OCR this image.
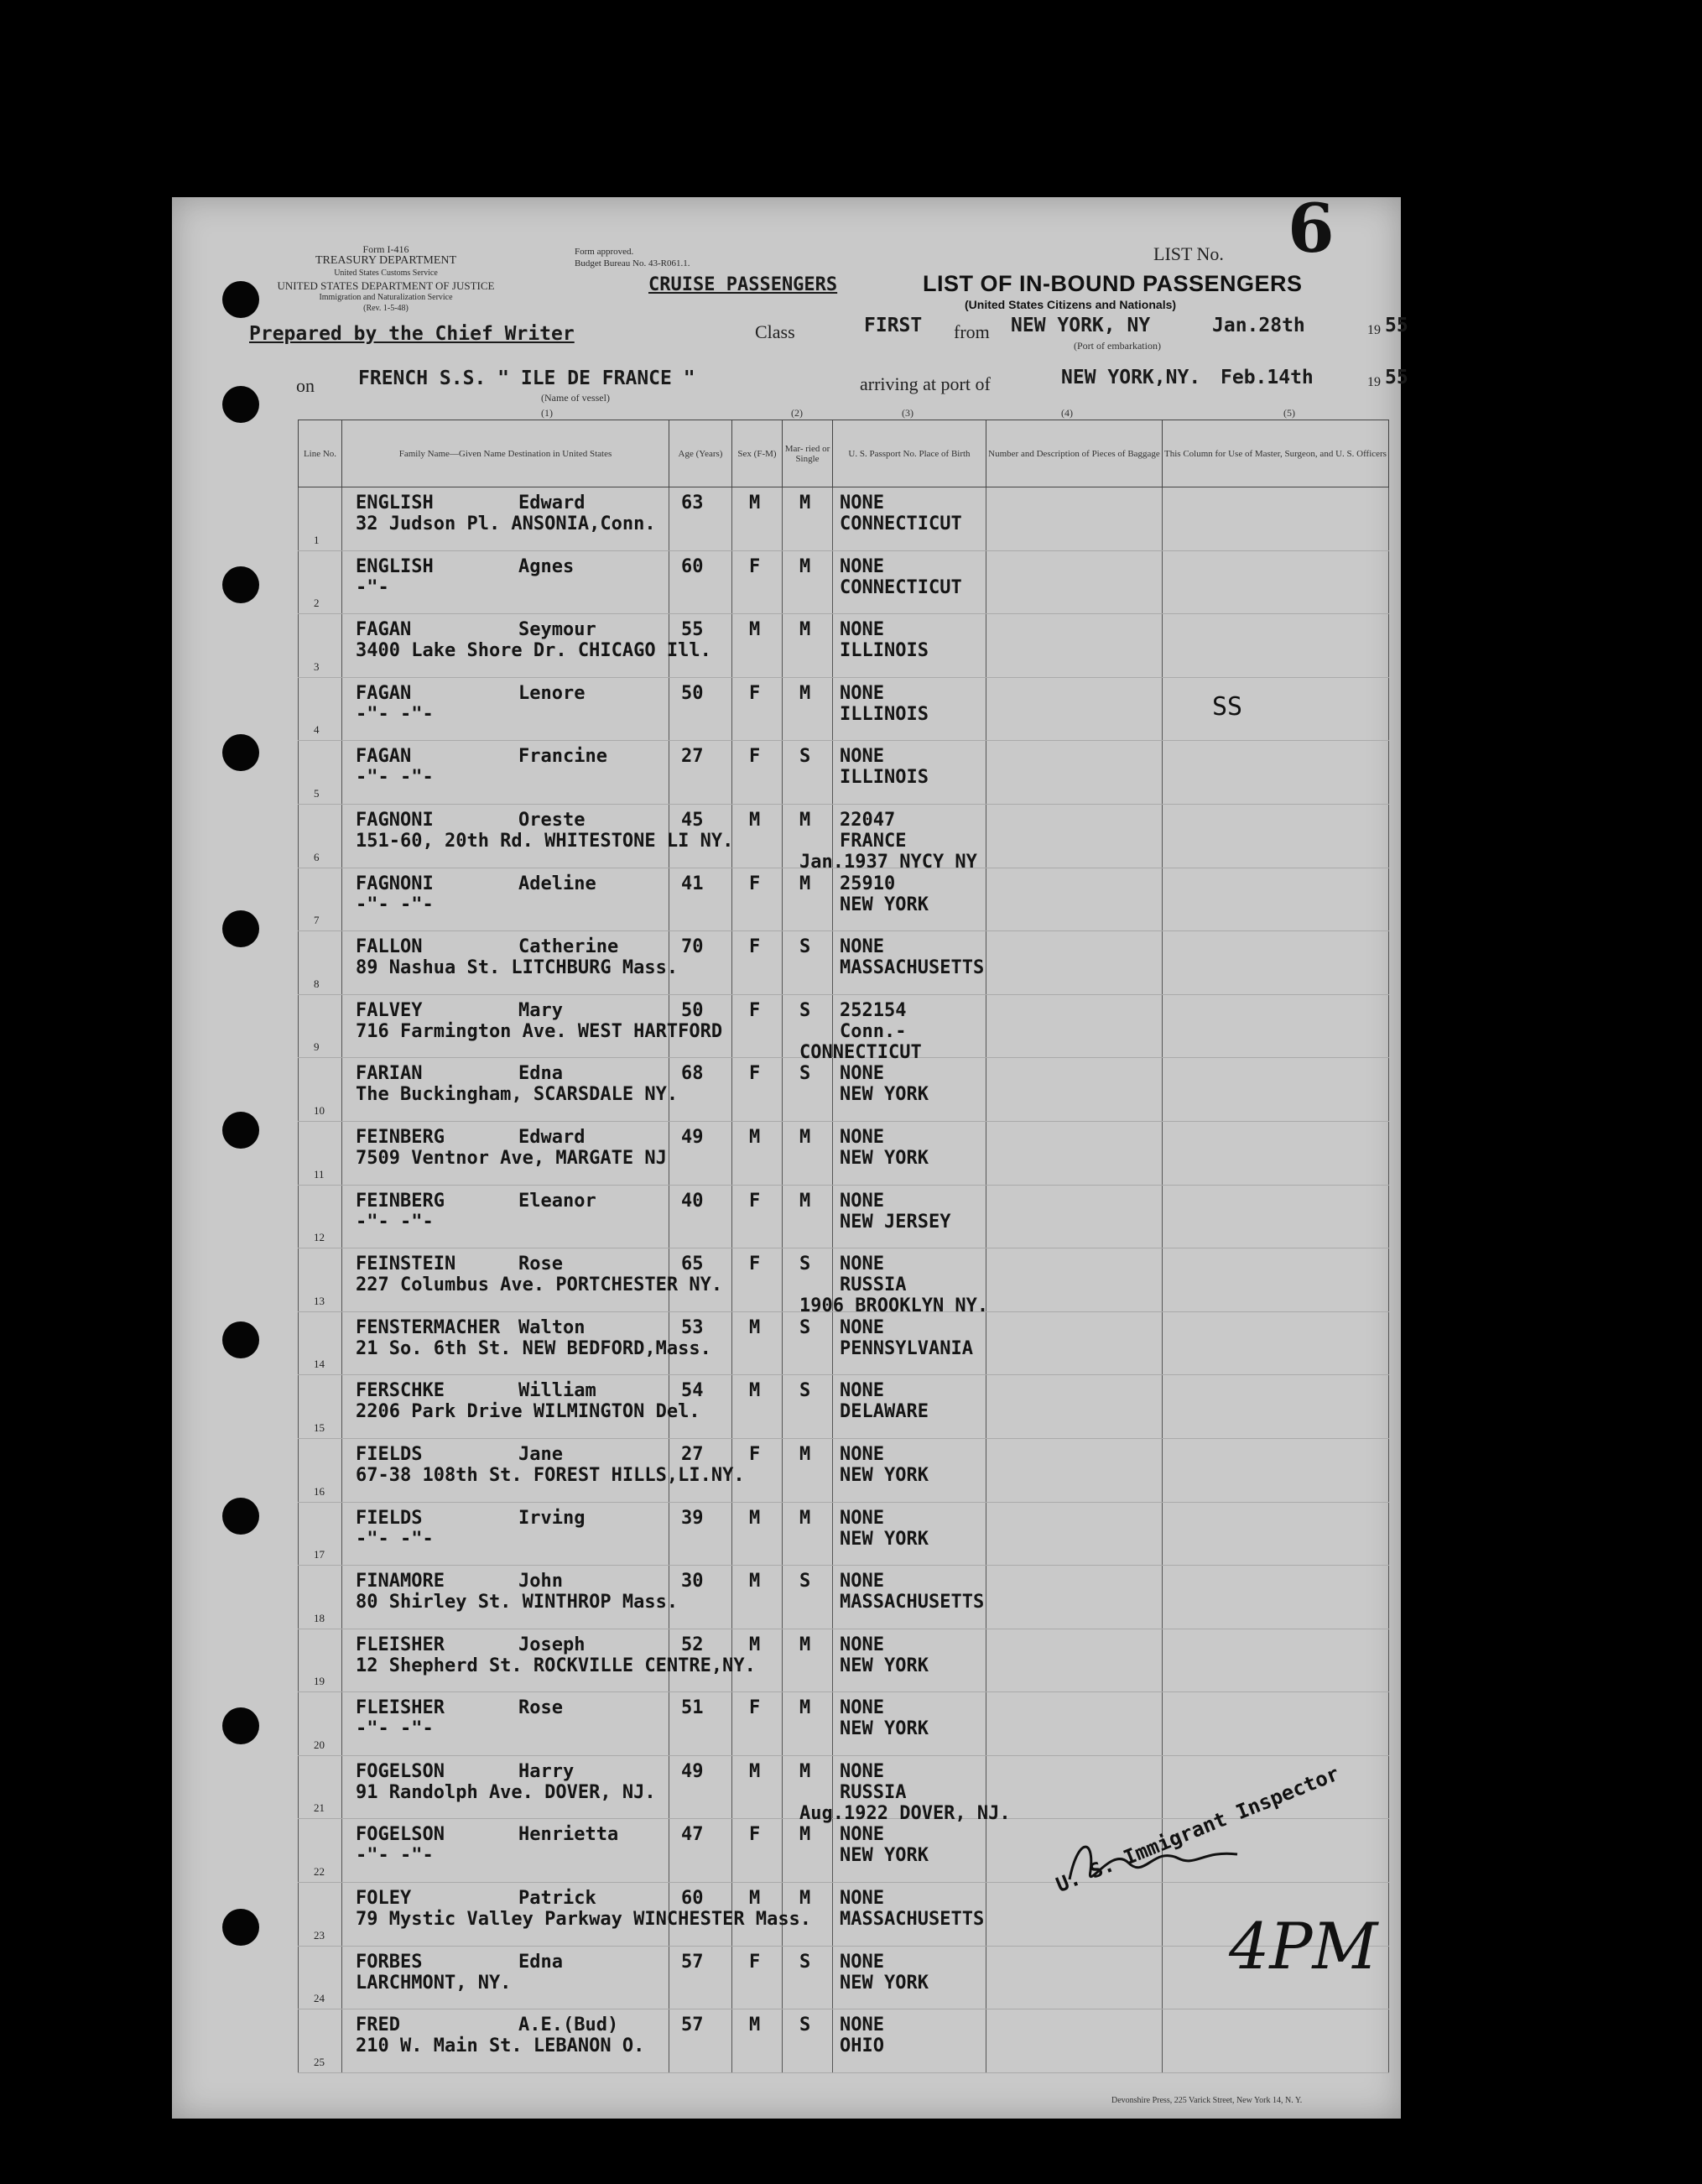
Form I-416
TREASURY DEPARTMENT
United States Customs Service
UNITED STATES DEPARTMENT OF JUSTICE
Immigration and Naturalization Service
(Rev. 1-5-48)
Form approved.
Budget Bureau No. 43-R061.1.
CRUISE PASSENGERS	LIST OF IN-BOUND PASSENGERS
(United States Citizens and Nationals)
LIST No. 6
Prepared by the Chief Writer	Class	FIRST from NEW YORK, NY	Jan.28th	19 55
(Port of embarkation)
on FRENCH S.S. " ILE DE FRANCE "
(Name of vessel)
arriving at port of	NEW YORK,NY. Feb.14th	19 55
(1)	(2)	(3)	(4)	(5)
Line No.	Family Name—Given Name Destination in United States	Age (Years)	Sex (F-M)	Mar- ried or Single	U. S. Passport No. Place of Birth	Number and Description of Pieces of Baggage	This Column for Use of Master, Surgeon, and U. S. Officers

1	ENGLISH Edward
32 Judson Pl. ANSONIA,Conn.	63	M	M	NONE
CONNECTICUT		

2	ENGLISH Agnes
-"-	60	F	M	NONE
CONNECTICUT		

3	FAGAN Seymour
3400 Lake Shore Dr. CHICAGO Ill.	55	M	M	NONE
ILLINOIS		

4	FAGAN Lenore
-"- -"-	50	F	M	NONE
ILLINOIS		

5	FAGAN Francine
-"- -"-	27	F	S	NONE
ILLINOIS		

6	FAGNONI Oreste
151-60, 20th Rd. WHITESTONE LI NY.	45	M	M	22047
FRANCE
Jan.1937 NYCY NY		

7	FAGNONI Adeline
-"- -"-	41	F	M	25910
NEW YORK		

8	FALLON Catherine
89 Nashua St. LITCHBURG Mass.	70	F	S	NONE
MASSACHUSETTS		

9	FALVEY Mary
716 Farmington Ave. WEST HARTFORD	50	F	S	252154
Conn.-
CONNECTICUT		

10	FARIAN Edna
The Buckingham, SCARSDALE NY.	68	F	S	NONE
NEW YORK		

11	FEINBERG Edward
7509 Ventnor Ave, MARGATE NJ	49	M	M	NONE
NEW YORK		

12	FEINBERG Eleanor
-"- -"-	40	F	M	NONE
NEW JERSEY		

13	FEINSTEIN Rose
227 Columbus Ave. PORTCHESTER NY.	65	F	S	NONE
RUSSIA
1906 BROOKLYN NY.		

14	FENSTERMACHER Walton
21 So. 6th St. NEW BEDFORD,Mass.	53	M	S	NONE
PENNSYLVANIA		

15	FERSCHKE William
2206 Park Drive WILMINGTON Del.	54	M	S	NONE
DELAWARE		

16	FIELDS Jane
67-38 108th St. FOREST HILLS,LI.NY.	27	F	M	NONE
NEW YORK		

17	FIELDS Irving
-"- -"-	39	M	M	NONE
NEW YORK		

18	FINAMORE John
80 Shirley St. WINTHROP Mass.	30	M	S	NONE
MASSACHUSETTS		

19	FLEISHER Joseph
12 Shepherd St. ROCKVILLE CENTRE,NY.	52	M	M	NONE
NEW YORK		

20	FLEISHER Rose
-"- -"-	51	F	M	NONE
NEW YORK		

21	FOGELSON Harry
91 Randolph Ave. DOVER, NJ.	49	M	M	NONE
RUSSIA
Aug.1922 DOVER, NJ.		

22	FOGELSON Henrietta
-"- -"-	47	F	M	NONE
NEW YORK		

23	FOLEY Patrick
79 Mystic Valley Parkway WINCHESTER Mass.	60	M	M	NONE
MASSACHUSETTS		

24	FORBES Edna
LARCHMONT, NY.	57	F	S	NONE
NEW YORK		

25	FRED A.E.(Bud)
210 W. Main St. LEBANON O.	57	M	S	NONE
OHIO		

SS
U. S. Immigrant Inspector
4PM
Devonshire Press, 225 Varick Street, New York 14, N. Y.
